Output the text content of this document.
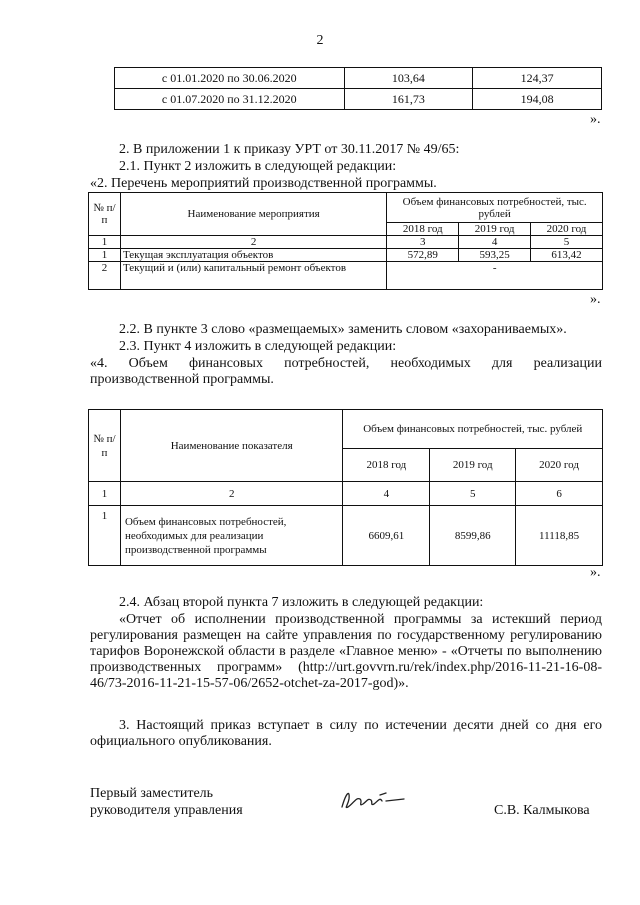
2
с 01.01.2020 по 30.06.2020	103,64	124,37
с 01.07.2020 по 31.12.2020	161,73	194,08
».
2. В приложении 1 к приказу УРТ от 30.11.2017 № 49/65:
2.1. Пункт 2 изложить в следующей редакции:
«2. Перечень мероприятий производственной программы.
№ п/п	Наименование мероприятия	Объем финансовых потребностей, тыс. рублей		
		2018 год	2019 год	2020 год
1	2	3	4	5
1	Текущая эксплуатация объектов	572,89	593,25	613,42
2	Текущий и (или) капитальный ремонт объектов	-		
».
2.2. В пункте 3 слово «размещаемых» заменить словом «захораниваемых».
2.3. Пункт 4 изложить в следующей редакции:
«4. Объем финансовых потребностей, необходимых для реализации производственной программы.
№ п/п	Наименование показателя	Объем финансовых потребностей, тыс. рублей		
		2018 год	2019 год	2020 год
1	2	4	5	6
1	Объем финансовых потребностей, необходимых для реализации производственной программы	6609,61	8599,86	11118,85
».
2.4. Абзац второй пункта 7 изложить в следующей редакции:
«Отчет об исполнении производственной программы за истекший период регулирования размещен на сайте управления по государственному регулированию тарифов Воронежской области в разделе «Главное меню» - «Отчеты по выполнению производственных программ» (http://urt.govvrn.ru/rek/index.php/2016-11-21-16-08-46/73-2016-11-21-15-57-06/2652-otchet-za-2017-god)».
3. Настоящий приказ вступает в силу по истечении десяти дней со дня его официального опубликования.
Первый заместитель
руководителя управления	С.В. Калмыкова
